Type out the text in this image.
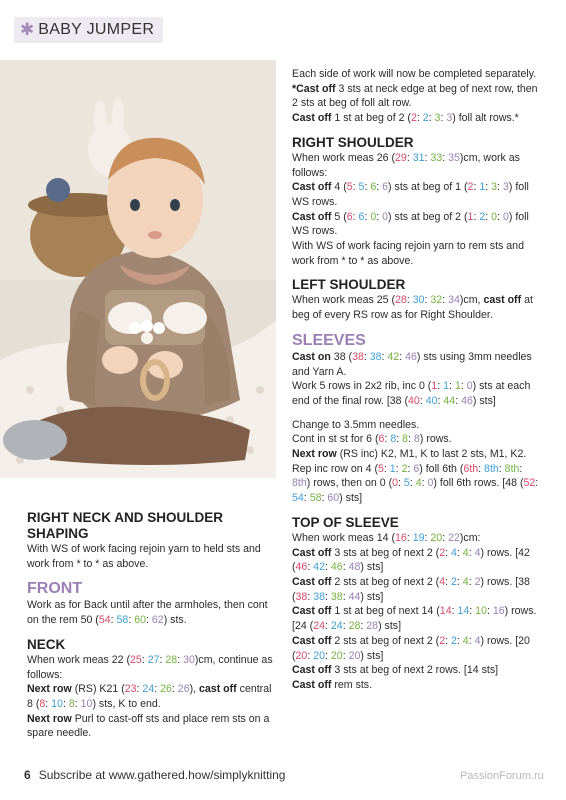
✱ BABY JUMPER

RIGHT NECK AND SHOULDER SHAPING

With WS of work facing rejoin yarn to held sts and work from * to * as above.

FRONT

Work as for Back until after the armholes, then cont on the rem 50 (54: 58: 60: 62) sts.

NECK

When work meas 22 (25: 27: 28: 30)cm, continue as follows:

Next row (RS) K21 (23: 24: 26: 26), cast off central 8 (8: 10: 8: 10) sts, K to end.

Next row Purl to cast-off sts and place rem sts on a spare needle.

Each side of work will now be completed separately.

*Cast off 3 sts at neck edge at beg of next row, then 2 sts at beg of foll alt row.

Cast off 1 st at beg of 2 (2: 2: 3: 3) foll alt rows.*

RIGHT SHOULDER

When work meas 26 (29: 31: 33: 35)cm, work as follows:

Cast off 4 (5: 5: 6: 6) sts at beg of 1 (2: 1: 3: 3) foll WS rows.

Cast off 5 (6: 6: 0: 0) sts at beg of 2 (1: 2: 0: 0) foll WS rows.

With WS of work facing rejoin yarn to rem sts and work from * to * as above.

LEFT SHOULDER

When work meas 25 (28: 30: 32: 34)cm, cast off at beg of every RS row as for Right Shoulder.

SLEEVES

Cast on 38 (38: 38: 42: 46) sts using 3mm needles and Yarn A.

Work 5 rows in 2x2 rib, inc 0 (1: 1: 1: 0) sts at each end of the final row. [38 (40: 40: 44: 46) sts]

Change to 3.5mm needles.

Cont in st st for 6 (6: 8: 8: 8) rows.

Next row (RS inc) K2, M1, K to last 2 sts, M1, K2.

Rep inc row on 4 (5: 1: 2: 6) foll 6th (6th: 8th: 8th: 8th) rows, then on 0 (0: 5: 4: 0) foll 6th rows. [48 (52: 54: 58: 60) sts]

TOP OF SLEEVE

When work meas 14 (16: 19: 20: 22)cm:

Cast off 3 sts at beg of next 2 (2: 4: 4: 4) rows. [42 (46: 42: 46: 48) sts]

Cast off 2 sts at beg of next 2 (4: 2: 4: 2) rows. [38 (38: 38: 38: 44) sts]

Cast off 1 st at beg of next 14 (14: 14: 10: 16) rows. [24 (24: 24: 28: 28) sts]

Cast off 2 sts at beg of next 2 (2: 2: 4: 4) rows. [20 (20: 20: 20: 20) sts]

Cast off 3 sts at beg of next 2 rows. [14 sts]

Cast off rem sts.

6 Subscribe at www.gathered.how/simplyknitting	PassionForum.ru
